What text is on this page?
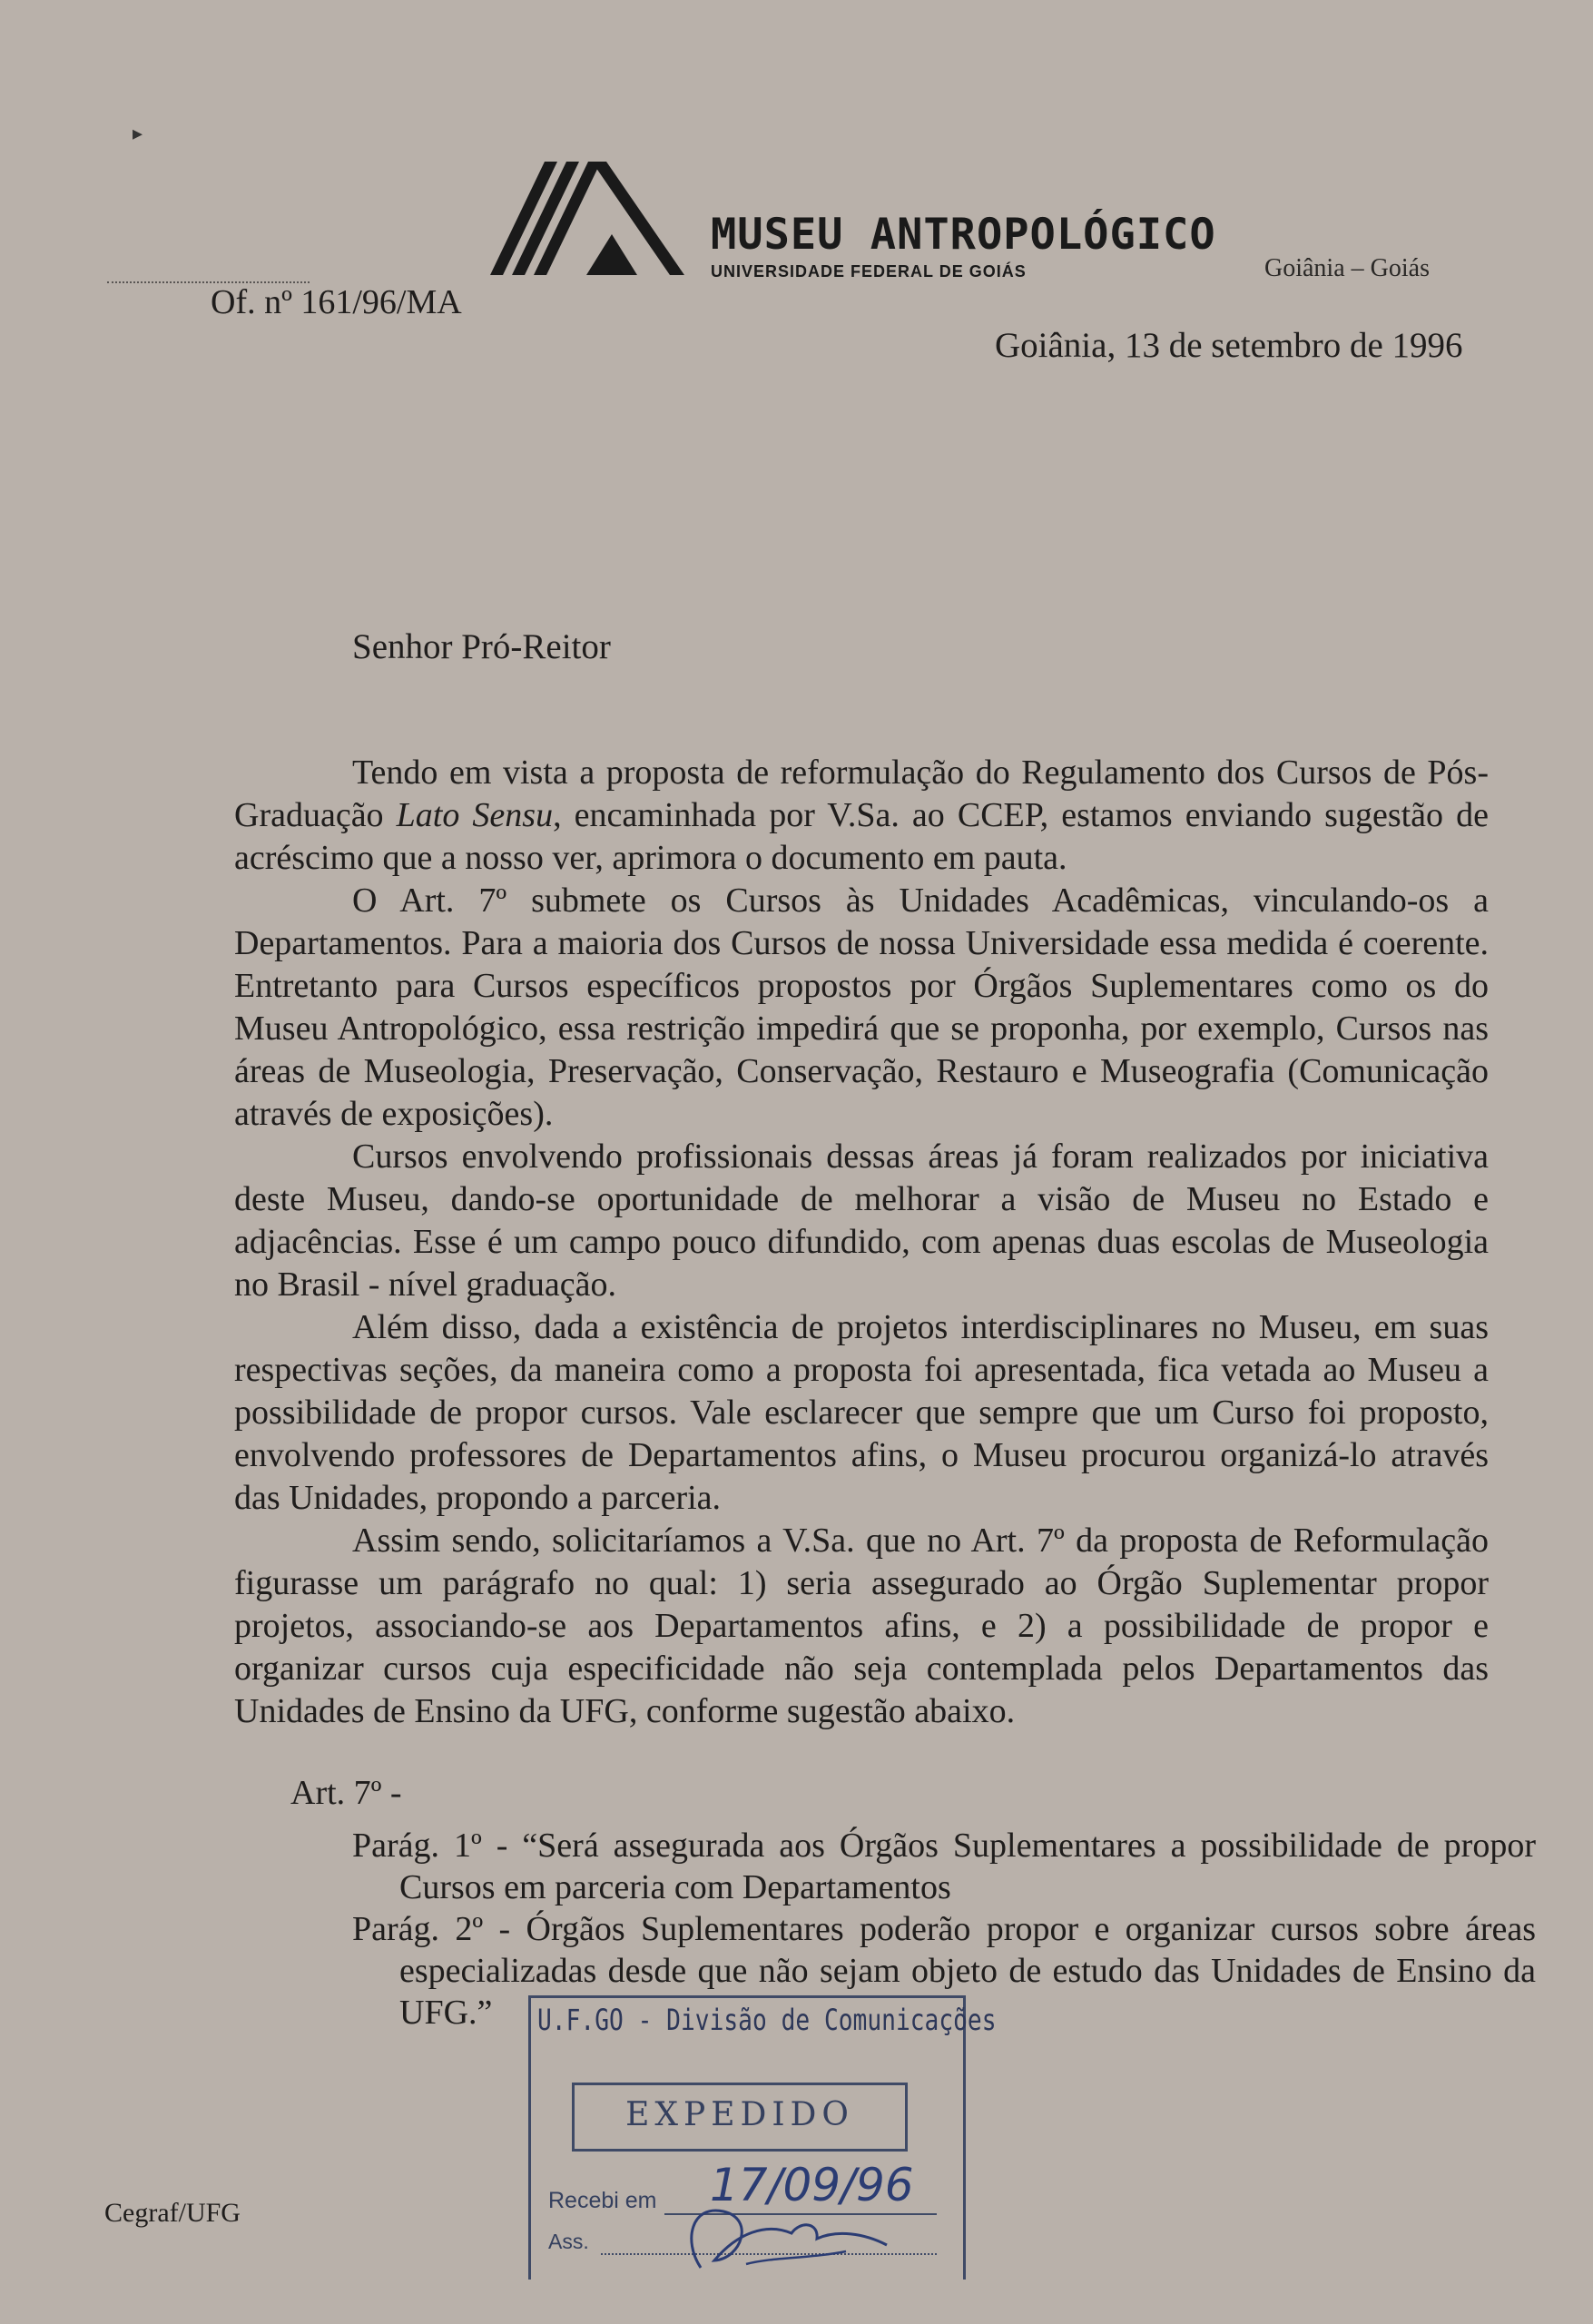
▸
MUSEU ANTROPOLÓGICO
UNIVERSIDADE FEDERAL DE GOIÁS	Goiânia – Goiás
Of. nº 161/96/MA
Goiânia, 13 de setembro de 1996
Senhor Pró-Reitor

Tendo em vista a proposta de reformulação do Regulamento dos Cursos de Pós-Graduação Lato Sensu, encaminhada por V.Sa. ao CCEP, estamos enviando sugestão de acréscimo que a nosso ver, aprimora o documento em pauta.

O Art. 7º submete os Cursos às Unidades Acadêmicas, vinculando-os a Departamentos. Para a maioria dos Cursos de nossa Universidade essa medida é coerente. Entretanto para Cursos específicos propostos por Órgãos Suplementares como os do Museu Antropológico, essa restrição impedirá que se proponha, por exemplo, Cursos nas áreas de Museologia, Preservação, Conservação, Restauro e Museografia (Comunicação através de exposições).

Cursos envolvendo profissionais dessas áreas já foram realizados por iniciativa deste Museu, dando-se oportunidade de melhorar a visão de Museu no Estado e adjacências. Esse é um campo pouco difundido, com apenas duas escolas de Museologia no Brasil - nível graduação.

Além disso, dada a existência de projetos interdisciplinares no Museu, em suas respectivas seções, da maneira como a proposta foi apresentada, fica vetada ao Museu a possibilidade de propor cursos. Vale esclarecer que sempre que um Curso foi proposto, envolvendo professores de Departamentos afins, o Museu procurou organizá-lo através das Unidades, propondo a parceria.

Assim sendo, solicitaríamos a V.Sa. que no Art. 7º da proposta de Reformulação figurasse um parágrafo no qual: 1) seria assegurado ao Órgão Suplementar propor projetos, associando-se aos Departamentos afins, e 2) a possibilidade de propor e organizar cursos cuja especificidade não seja contemplada pelos Departamentos das Unidades de Ensino da UFG, conforme sugestão abaixo.

Art. 7º -
Parág. 1º - “Será assegurada aos Órgãos Suplementares a possibilidade de propor Cursos em parceria com Departamentos
Parág. 2º - Órgãos Suplementares poderão propor e organizar cursos sobre áreas especializadas desde que não sejam objeto de estudo das Unidades de Ensino da UFG.”	U.F.GO - Divisão de Comunicações
EXPEDIDO
Recebi em 17/09/96
Ass.
Cegraf/UFG
